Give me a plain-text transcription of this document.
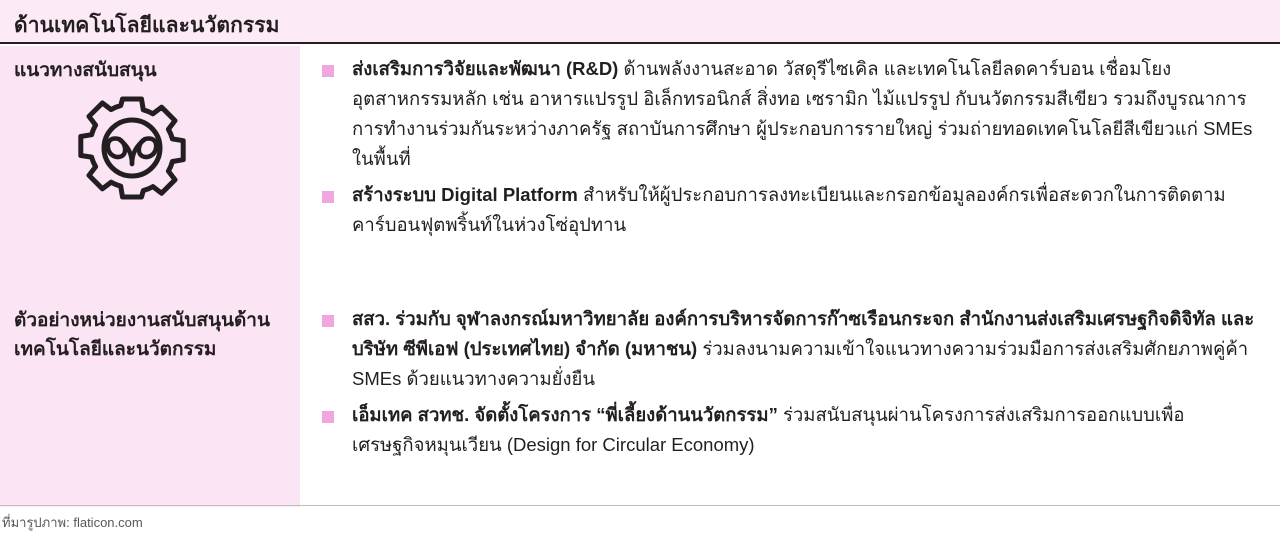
ด้านเทคโนโลยีและนวัตกรรม
แนวทางสนับสนุน	ส่งเสริมการวิจัยและพัฒนา (R&D) ด้านพลังงานสะอาด วัสดุรีไซเคิล และเทคโนโลยีลดคาร์บอน เชื่อมโยงอุตสาหกรรมหลัก เช่น อาหารแปรรูป อิเล็กทรอนิกส์ สิ่งทอ เซรามิก ไม้แปรรูป กับนวัตกรรมสีเขียว รวมถึงบูรณาการการทำงานร่วมกันระหว่างภาครัฐ สถาบันการศึกษา ผู้ประกอบการรายใหญ่ ร่วมถ่ายทอดเทคโนโลยีสีเขียวแก่ SMEs ในพื้นที่
สร้างระบบ Digital Platform สำหรับให้ผู้ประกอบการลงทะเบียนและกรอกข้อมูลองค์กรเพื่อสะดวกในการติดตามคาร์บอนฟุตพริ้นท์ในห่วงโซ่อุปทาน
ตัวอย่างหน่วยงานสนับสนุนด้านเทคโนโลยีและนวัตกรรม
สสว. ร่วมกับ จุฬาลงกรณ์มหาวิทยาลัย องค์การบริหารจัดการก๊าซเรือนกระจก สำนักงานส่งเสริมเศรษฐกิจดิจิทัล และบริษัท ซีพีเอฟ (ประเทศไทย) จำกัด (มหาชน) ร่วมลงนามความเข้าใจแนวทางความร่วมมือการส่งเสริมศักยภาพคู่ค้า SMEs ด้วยแนวทางความยั่งยืน
เอ็มเทค สวทช. จัดตั้งโครงการ “พี่เลี้ยงด้านนวัตกรรม” ร่วมสนับสนุนผ่านโครงการส่งเสริมการออกแบบเพื่อเศรษฐกิจหมุนเวียน (Design for Circular Economy)
ที่มารูปภาพ: flaticon.com
